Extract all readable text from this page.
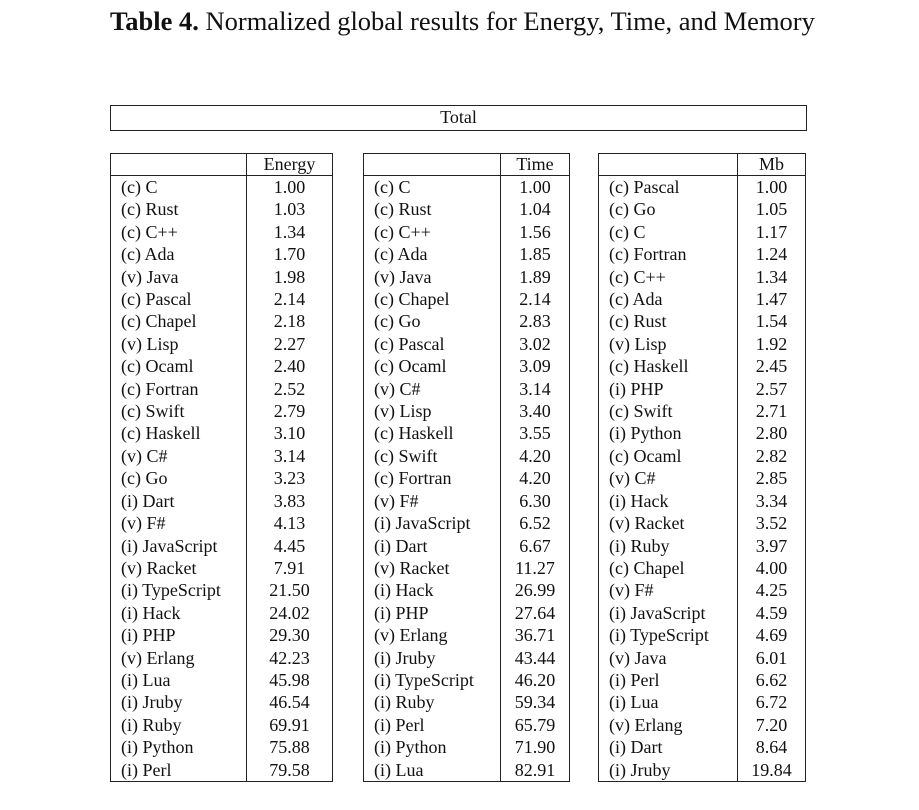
Table 4. Normalized global results for Energy, Time, and Memory

Total
	Energy
(c) C	1.00
(c) Rust	1.03
(c) C++	1.34
(c) Ada	1.70
(v) Java	1.98
(c) Pascal	2.14
(c) Chapel	2.18
(v) Lisp	2.27
(c) Ocaml	2.40
(c) Fortran	2.52
(c) Swift	2.79
(c) Haskell	3.10
(v) C#	3.14
(c) Go	3.23
(i) Dart	3.83
(v) F#	4.13
(i) JavaScript	4.45
(v) Racket	7.91
(i) TypeScript	21.50
(i) Hack	24.02
(i) PHP	29.30
(v) Erlang	42.23
(i) Lua	45.98
(i) Jruby	46.54
(i) Ruby	69.91
(i) Python	75.88
(i) Perl	79.58
	Time
(c) C	1.00
(c) Rust	1.04
(c) C++	1.56
(c) Ada	1.85
(v) Java	1.89
(c) Chapel	2.14
(c) Go	2.83
(c) Pascal	3.02
(c) Ocaml	3.09
(v) C#	3.14
(v) Lisp	3.40
(c) Haskell	3.55
(c) Swift	4.20
(c) Fortran	4.20
(v) F#	6.30
(i) JavaScript	6.52
(i) Dart	6.67
(v) Racket	11.27
(i) Hack	26.99
(i) PHP	27.64
(v) Erlang	36.71
(i) Jruby	43.44
(i) TypeScript	46.20
(i) Ruby	59.34
(i) Perl	65.79
(i) Python	71.90
(i) Lua	82.91
	Mb
(c) Pascal	1.00
(c) Go	1.05
(c) C	1.17
(c) Fortran	1.24
(c) C++	1.34
(c) Ada	1.47
(c) Rust	1.54
(v) Lisp	1.92
(c) Haskell	2.45
(i) PHP	2.57
(c) Swift	2.71
(i) Python	2.80
(c) Ocaml	2.82
(v) C#	2.85
(i) Hack	3.34
(v) Racket	3.52
(i) Ruby	3.97
(c) Chapel	4.00
(v) F#	4.25
(i) JavaScript	4.59
(i) TypeScript	4.69
(v) Java	6.01
(i) Perl	6.62
(i) Lua	6.72
(v) Erlang	7.20
(i) Dart	8.64
(i) Jruby	19.84
